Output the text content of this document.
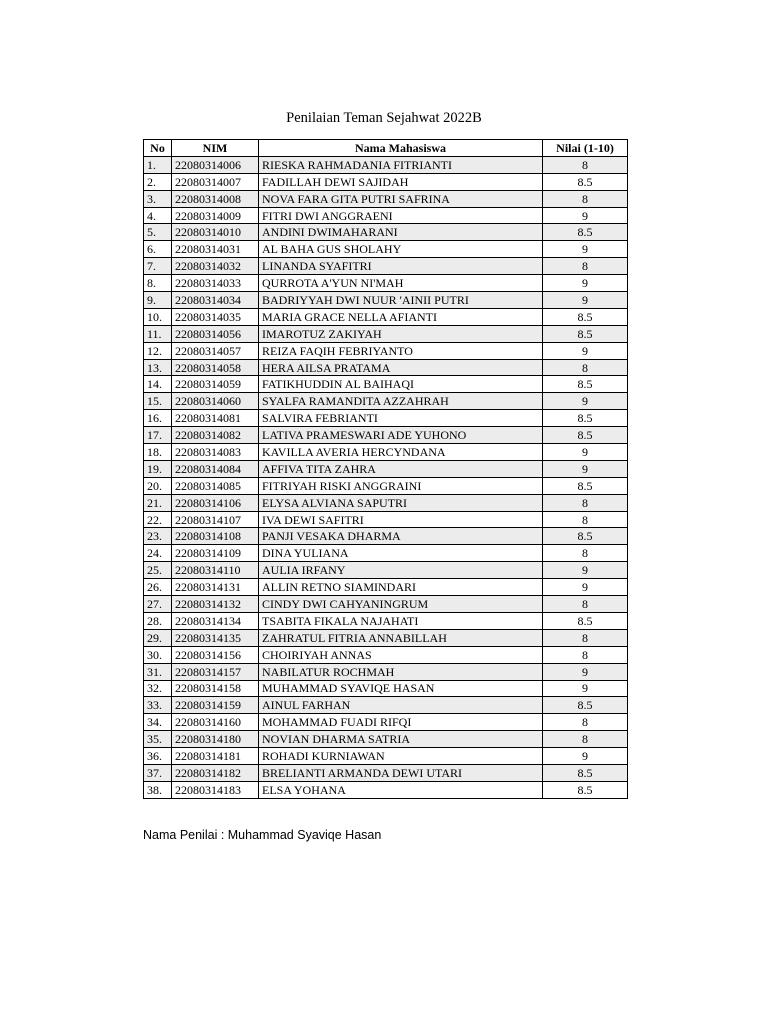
Penilaian Teman Sejahwat 2022B
No	NIM	Nama Mahasiswa	Nilai (1-10)
1.	22080314006	RIESKA RAHMADANIA FITRIANTI	8
2.	22080314007	FADILLAH DEWI SAJIDAH	8.5
3.	22080314008	NOVA FARA GITA PUTRI SAFRINA	8
4.	22080314009	FITRI DWI ANGGRAENI	9
5.	22080314010	ANDINI DWIMAHARANI	8.5
6.	22080314031	AL BAHA GUS SHOLAHY	9
7.	22080314032	LINANDA SYAFITRI	8
8.	22080314033	QURROTA A'YUN NI'MAH	9
9.	22080314034	BADRIYYAH DWI NUUR 'AINII PUTRI	9
10.	22080314035	MARIA GRACE NELLA AFIANTI	8.5
11.	22080314056	IMAROTUZ ZAKIYAH	8.5
12.	22080314057	REIZA FAQIH FEBRIYANTO	9
13.	22080314058	HERA AILSA PRATAMA	8
14.	22080314059	FATIKHUDDIN AL BAIHAQI	8.5
15.	22080314060	SYALFA RAMANDITA AZZAHRAH	9
16.	22080314081	SALVIRA FEBRIANTI	8.5
17.	22080314082	LATIVA PRAMESWARI ADE YUHONO	8.5
18.	22080314083	KAVILLA AVERIA HERCYNDANA	9
19.	22080314084	AFFIVA TITA ZAHRA	9
20.	22080314085	FITRIYAH RISKI ANGGRAINI	8.5
21.	22080314106	ELYSA ALVIANA SAPUTRI	8
22.	22080314107	IVA DEWI SAFITRI	8
23.	22080314108	PANJI VESAKA DHARMA	8.5
24.	22080314109	DINA YULIANA	8
25.	22080314110	AULIA IRFANY	9
26.	22080314131	ALLIN RETNO SIAMINDARI	9
27.	22080314132	CINDY DWI CAHYANINGRUM	8
28.	22080314134	TSABITA FIKALA NAJAHATI	8.5
29.	22080314135	ZAHRATUL FITRIA ANNABILLAH	8
30.	22080314156	CHOIRIYAH ANNAS	8
31.	22080314157	NABILATUR ROCHMAH	9
32.	22080314158	MUHAMMAD SYAVIQE HASAN	9
33.	22080314159	AINUL FARHAN	8.5
34.	22080314160	MOHAMMAD FUADI RIFQI	8
35.	22080314180	NOVIAN DHARMA SATRIA	8
36.	22080314181	ROHADI KURNIAWAN	9
37.	22080314182	BRELIANTI ARMANDA DEWI UTARI	8.5
38.	22080314183	ELSA YOHANA	8.5
Nama Penilai : Muhammad Syaviqe Hasan
